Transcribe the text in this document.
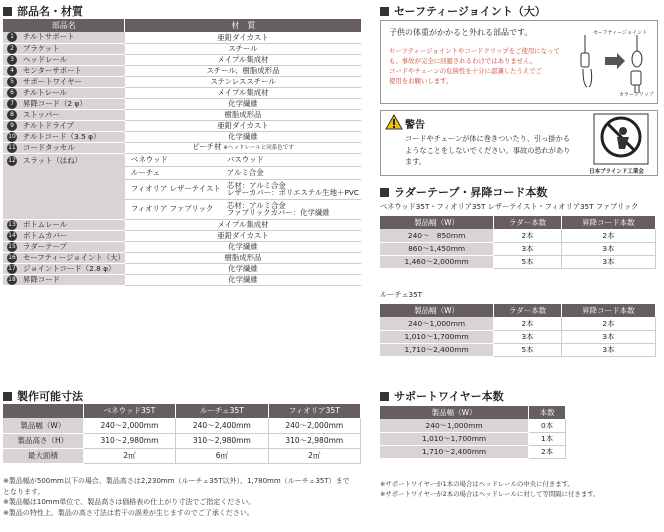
部品名・材質
部品名	材　質	
1 チルトサポート	亜鉛ダイカスト	
2 ブラケット	スチール	
3 ヘッドレール	メイプル集成材	
4 センターサポート	スチール、樹脂成形品	
5 サポートワイヤー	ステンレススチール	
6 チルトレール	メイプル集成材	
7 昇降コード（2 φ）	化学繊維	
8 ストッパー	樹脂成形品	
9 チルトドライブ	亜鉛ダイカスト	
10 チルトコード（3.5 φ）	化学繊維	
11 コードタッセル	ビーチ材 ※ヘッドレールと同系色です	
12 スラット（はね）	ベネウッド	バスウッド

	ルーチェ	アルミ合金

	フィオリア レザーテイスト	芯材：アルミ合金
レザーカバー：ポリエステル生地＋PVC

	フィオリア ファブリック	芯材：アルミ合金
ファブリックカバー：化学繊維

13 ボトムレール	メイプル集成材	
14 ボトムカバー	亜鉛ダイカスト	
15 ラダーテープ	化学繊維	
16 セーフティージョイント（大）	樹脂成形品	
17 ジョイントコード（2.8 φ）	化学繊維	
18 昇降コード	化学繊維	
製作可能寸法
	ベネウッド35T	ルーチェ35T	フィオリア35T
製品幅（W）	240～2,000mm	240～2,400mm	240～2,000mm
製品高さ（H）	310～2,980mm	310～2,980mm	310～2,980mm
最大面積	2㎡	6㎡	2㎡
※製品幅が500mm以下の場合、製品高さは2,230mm（ルーチェ35T以外）、1,780mm（ルーチェ35T）まで
となります。
※製品幅は10mm単位で、製品高さは価格表の仕上がり寸法でご指定ください。
※製品の特性上、製品の高さ寸法は若干の誤差が生じますのでご了承ください。
セーフティージョイント（大）
子供の体重がかかると外れる部品です。
セーフティージョイントやコードクリップをご使用になって
も、事故が完全に回避されるわけではありません。
コードやチェーンの危険性を十分に認識したうえでご
使用をお願いします。
セーフティージョイント
カラークリップ
警告
コードやチェーンが体に巻きついたり、引っ掛かる
ようなことをしないでください。事故の恐れがあり
ます。
日本ブラインド工業会
ラダーテープ・昇降コード本数
ベネウッド35T・フィオリア35T レザーテイスト・フィオリア35T ファブリック
製品幅（W）	ラダー本数	昇降コード本数
240～　850mm	2本	2本
860～1,450mm	3本	3本
1,460～2,000mm	5本	3本
ルーチェ35T
製品幅（W）	ラダー本数	昇降コード本数
240～1,000mm	2本	2本
1,010～1,700mm	3本	3本
1,710～2,400mm	5本	3本
サポートワイヤー本数
製品幅（W）	本数
240～1,000mm	0本
1,010～1,700mm	1本
1,710～2,400mm	2本
※サポートワイヤーが1本の場合はヘッドレールの中央に付きます。
※サポートワイヤーが2本の場合はヘッドレールに対して等間隔に付きます。
